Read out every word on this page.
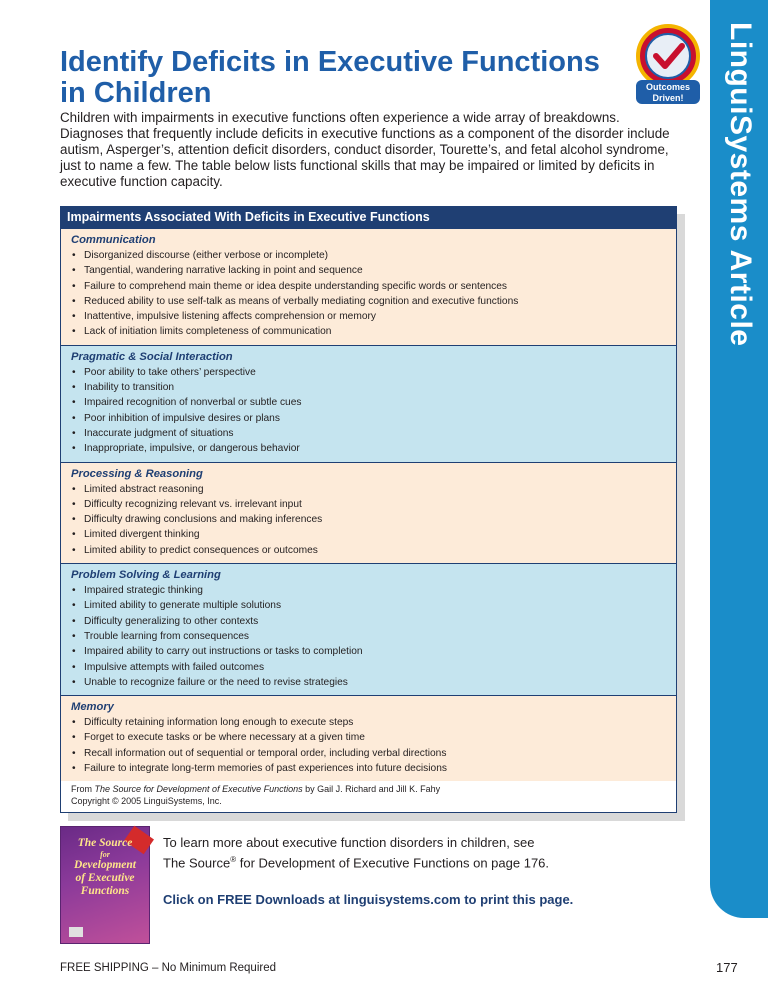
LinguiSystems Article
Identify Deficits in Executive Functions in Children	Outcomes
Driven!

Children with impairments in executive functions often experience a wide array of breakdowns. Diagnoses that frequently include deficits in executive functions as a component of the disorder include autism, Asperger’s, attention deficit disorders, conduct disorder, Tourette’s, and fetal alcohol syndrome, just to name a few. The table below lists functional skills that may be impaired or limited by deficits in executive function capacity.

Impairments Associated With Deficits in Executive Functions
Communication
• Disorganized discourse (either verbose or incomplete)
• Tangential, wandering narrative lacking in point and sequence
• Failure to comprehend main theme or idea despite understanding specific words or sentences
• Reduced ability to use self-talk as means of verbally mediating cognition and executive functions
• Inattentive, impulsive listening affects comprehension or memory
• Lack of initiation limits completeness of communication
Pragmatic & Social Interaction
• Poor ability to take others’ perspective
• Inability to transition
• Impaired recognition of nonverbal or subtle cues
• Poor inhibition of impulsive desires or plans
• Inaccurate judgment of situations
• Inappropriate, impulsive, or dangerous behavior
Processing & Reasoning
• Limited abstract reasoning
• Difficulty recognizing relevant vs. irrelevant input
• Difficulty drawing conclusions and making inferences
• Limited divergent thinking
• Limited ability to predict consequences or outcomes
Problem Solving & Learning
• Impaired strategic thinking
• Limited ability to generate multiple solutions
• Difficulty generalizing to other contexts
• Trouble learning from consequences
• Impaired ability to carry out instructions or tasks to completion
• Impulsive attempts with failed outcomes
• Unable to recognize failure or the need to revise strategies
Memory
• Difficulty retaining information long enough to execute steps
• Forget to execute tasks or be where necessary at a given time
• Recall information out of sequential or temporal order, including verbal directions
• Failure to integrate long-term memories of past experiences into future decisions
From The Source for Development of Executive Functions by Gail J. Richard and Jill K. Fahy
Copyright © 2005 LinguiSystems, Inc.
The Source
for
Development
of Executive
Functions
To learn more about executive function disorders in children, see
The Source® for Development of Executive Functions on page 176.
Click on FREE Downloads at linguisystems.com to print this page.
FREE SHIPPING – No Minimum Required	177
